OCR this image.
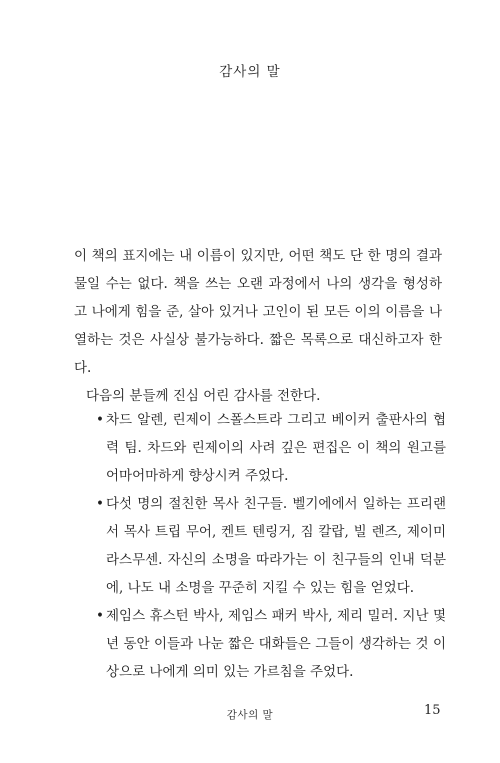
감사의 말

이 책의 표지에는 내 이름이 있지만, 어떤 책도 단 한 명의 결과물일 수는 없다. 책을 쓰는 오랜 과정에서 나의 생각을 형성하고 나에게 힘을 준, 살아 있거나 고인이 된 모든 이의 이름을 나열하는 것은 사실상 불가능하다. 짧은 목록으로 대신하고자 한다.

다음의 분들께 진심 어린 감사를 전한다.

• 차드 알렌, 린제이 스폴스트라 그리고 베이커 출판사의 협력 팀. 차드와 린제이의 사려 깊은 편집은 이 책의 원고를 어마어마하게 향상시켜 주었다.
• 다섯 명의 절친한 목사 친구들. 벨기에에서 일하는 프리랜서 목사 트립 무어, 켄트 텐링거, 짐 칼랍, 빌 렌즈, 제이미 라스무센. 자신의 소명을 따라가는 이 친구들의 인내 덕분에, 나도 내 소명을 꾸준히 지킬 수 있는 힘을 얻었다.
• 제임스 휴스턴 박사, 제임스 패커 박사, 제리 밀러. 지난 몇 년 동안 이들과 나눈 짧은 대화들은 그들이 생각하는 것 이상으로 나에게 의미 있는 가르침을 주었다.
감사의 말	15
